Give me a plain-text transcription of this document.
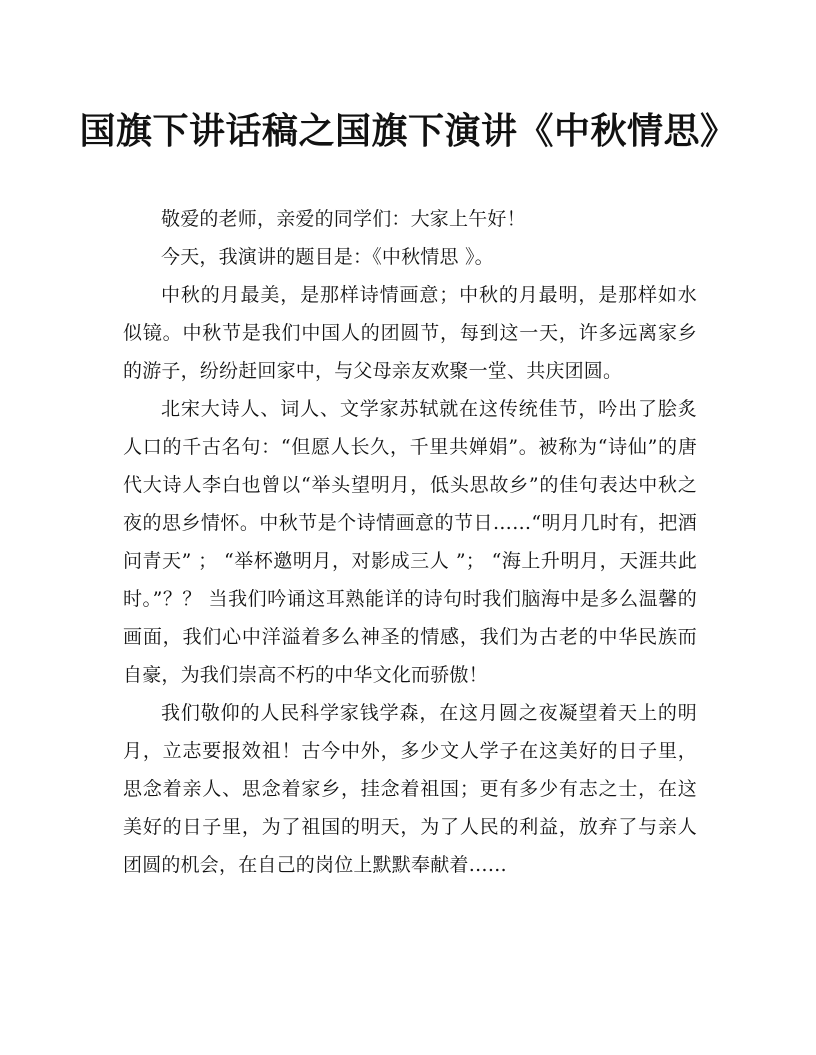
国旗下讲话稿之国旗下演讲《中秋情思》

敬爱的老师，亲爱的同学们：大家上午好！

今天，我演讲的题目是：《中秋情思 》。

中秋的月最美，是那样诗情画意；中秋的月最明，是那样如水似镜。中秋节是我们中国人的团圆节，每到这一天，许多远离家乡的游子，纷纷赶回家中，与父母亲友欢聚一堂、共庆团圆。

北宋大诗人、词人、文学家苏轼就在这传统佳节，吟出了脍炙人口的千古名句：“但愿人长久，千里共婵娟”。被称为“诗仙”的唐代大诗人李白也曾以“举头望明月，低头思故乡”的佳句表达中秋之夜的思乡情怀。中秋节是个诗情画意的节日……“明月几时有，把酒问青天” ； “举杯邀明月，对影成三人 ”； “海上升明月，天涯共此时。”？？ 当我们吟诵这耳熟能详的诗句时我们脑海中是多么温馨的画面，我们心中洋溢着多么神圣的情感，我们为古老的中华民族而自豪，为我们崇高不朽的中华文化而骄傲！

我们敬仰的人民科学家钱学森，在这月圆之夜凝望着天上的明月，立志要报效祖！古今中外，多少文人学子在这美好的日子里，思念着亲人、思念着家乡，挂念着祖国；更有多少有志之士，在这美好的日子里，为了祖国的明天，为了人民的利益，放弃了与亲人团圆的机会，在自己的岗位上默默奉献着……
